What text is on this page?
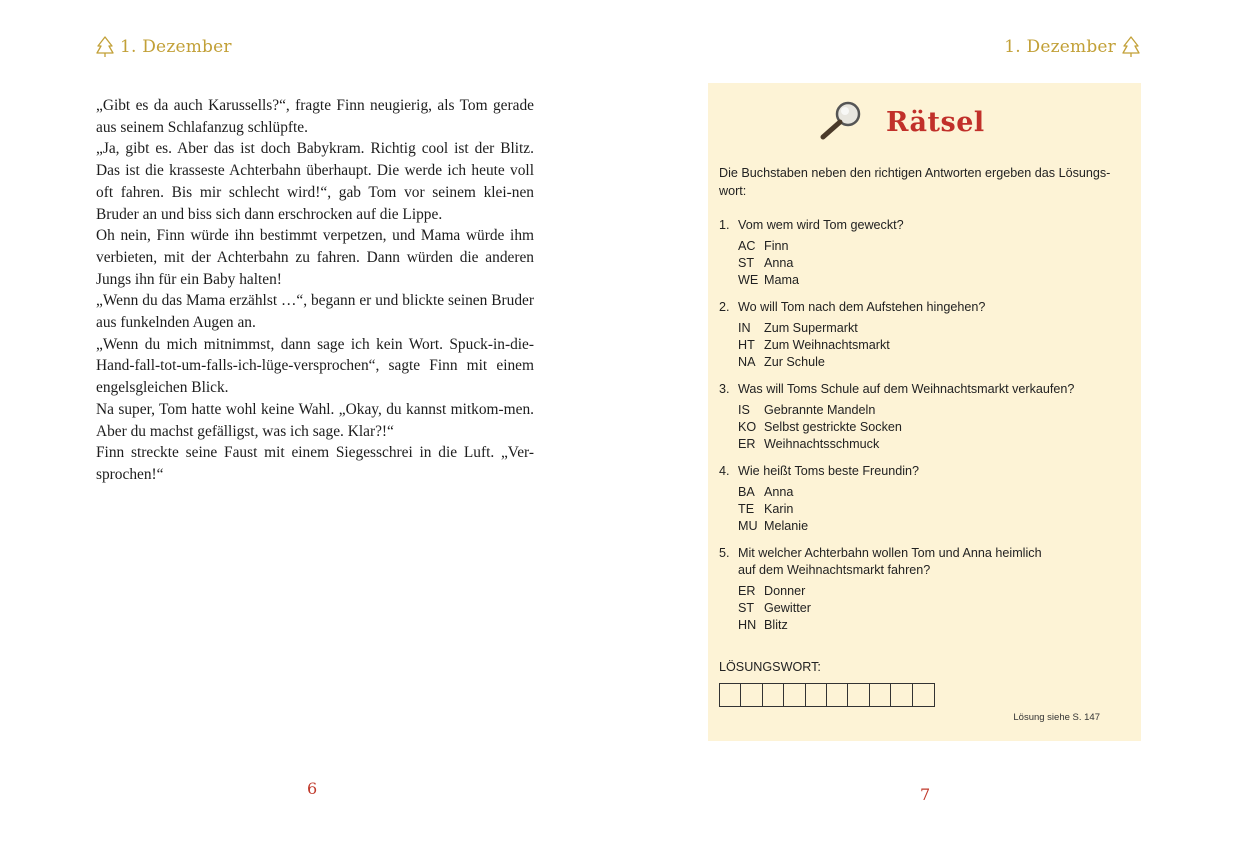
1. Dezember	1. Dezember

„Gibt es da auch Karussells?“, fragte Finn neugierig, als Tom gerade aus seinem Schlafanzug schlüpfte.

„Ja, gibt es. Aber das ist doch Babykram. Richtig cool ist der Blitz. Das ist die krasseste Achterbahn überhaupt. Die werde ich heute voll oft fahren. Bis mir schlecht wird!“, gab Tom vor seinem klei-nen Bruder an und biss sich dann erschrocken auf die Lippe.

Oh nein, Finn würde ihn bestimmt verpetzen, und Mama würde ihm verbieten, mit der Achterbahn zu fahren. Dann würden die anderen Jungs ihn für ein Baby halten!

„Wenn du das Mama erzählst …“, begann er und blickte seinen Bruder aus funkelnden Augen an.

„Wenn du mich mitnimmst, dann sage ich kein Wort. Spuck-in-die-Hand-fall-tot-um-falls-ich-lüge-versprochen“, sagte Finn mit einem engelsgleichen Blick.

Na super, Tom hatte wohl keine Wahl. „Okay, du kannst mitkom-men. Aber du machst gefälligst, was ich sage. Klar?!“

Finn streckte seine Faust mit einem Siegesschrei in die Luft. „Ver-sprochen!“

6	7
Rätsel
Die Buchstaben neben den richtigen Antworten ergeben das Lösungs-wort:
1. Vom wem wird Tom geweckt?
AC Finn
ST Anna
WE Mama
2. Wo will Tom nach dem Aufstehen hingehen?
IN	Zum Supermarkt
HT Zum Weihnachtsmarkt
NA Zur Schule
3. Was will Toms Schule auf dem Weihnachtsmarkt verkaufen?
IS	Gebrannte Mandeln
KO Selbst gestrickte Socken
ER Weihnachtsschmuck
4. Wie heißt Toms beste Freundin?
BA Anna
TE Karin
MU Melanie
5. Mit welcher Achterbahn wollen Tom und Anna heimlich auf dem Weihnachtsmarkt fahren?
ER Donner
ST Gewitter
HN Blitz
LÖSUNGSWORT:
Lösung siehe S. 147
